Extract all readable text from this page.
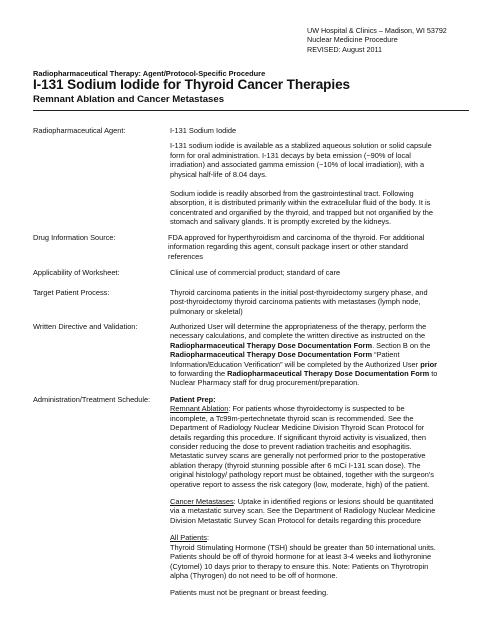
UW Hospital & Clinics – Madison, WI 53792
Nuclear Medicine Procedure
REVISED: August 2011
Radiopharmaceutical Therapy: Agent/Protocol-Specific Procedure
I-131 Sodium Iodide for Thyroid Cancer Therapies
Remnant Ablation and Cancer Metastases
Radiopharmaceutical Agent:	I-131 Sodium Iodide
I-131 sodium iodide is available as a stablized aqueous solution or solid capsule
form for oral administration. I-131 decays by beta emission (~90% of local
irradiation) and associated gamma emission (~10% of local irradiation), with a
physical half-life of 8.04 days.
Sodium iodide is readily absorbed from the gastrointestinal tract. Following
absorption, it is distributed primarily within the extracellular fluid of the body. It is
concentrated and organified by the thyroid, and trapped but not organified by the
stomach and salivary glands. It is promptly excreted by the kidneys.
Drug Information Source:	FDA approved for hyperthyroidism and carcinoma of the thyroid. For additional
information regarding this agent, consult package insert or other standard
references
Applicability of Worksheet:	Clinical use of commercial product; standard of care
Target Patient Process:	Thyroid carcinoma patients in the initial post-thyroidectomy surgery phase, and
post-thyroidectomy thyroid carcinoma patients with metastases (lymph node,
pulmonary or skeletal)
Written Directive and Validation:	Authorized User will determine the appropriateness of the therapy, perform the
necessary calculations, and complete the written directive as instructed on the
Radiopharmaceutical Therapy Dose Documentation Form. Section B on the
Radiopharmaceutical Therapy Dose Documentation Form “Patient
Information/Education Verification” will be completed by the Authorized User prior
to forwarding the Radiopharmaceutical Therapy Dose Documentation Form to
Nuclear Pharmacy staff for drug procurement/preparation.
Administration/Treatment Schedule:	Patient Prep:
Remnant Ablation: For patients whose thyroidectomy is suspected to be
incomplete, a Tc99m-pertechnetate thyroid scan is recommended. See the
Department of Radiology Nuclear Medicine Division Thyroid Scan Protocol for
details regarding this procedure. If significant thyroid activity is visualized, then
consider reducing the dose to prevent radiation tracheitis and esophagitis.
Metastatic survey scans are generally not performed prior to the postoperative
ablation therapy (thyroid stunning possible after 6 mCi I-131 scan dose). The
original histology/ pathology report must be obtained, together with the surgeon's
operative report to assess the risk category (low, moderate, high) of the patient.
Cancer Metastases: Uptake in identified regions or lesions should be quantitated
via a metastatic survey scan. See the Department of Radiology Nuclear Medicine
Division Metastatic Survey Scan Protocol for details regarding this procedure
All Patients:
Thyroid Stimulating Hormone (TSH) should be greater than 50 international units.
Patients should be off of thyroid hormone for at least 3-4 weeks and liothyronine
(Cytomel) 10 days prior to therapy to ensure this. Note: Patients on Thyrotropin
alpha (Thyrogen) do not need to be off of hormone.
Patients must not be pregnant or breast feeding.
